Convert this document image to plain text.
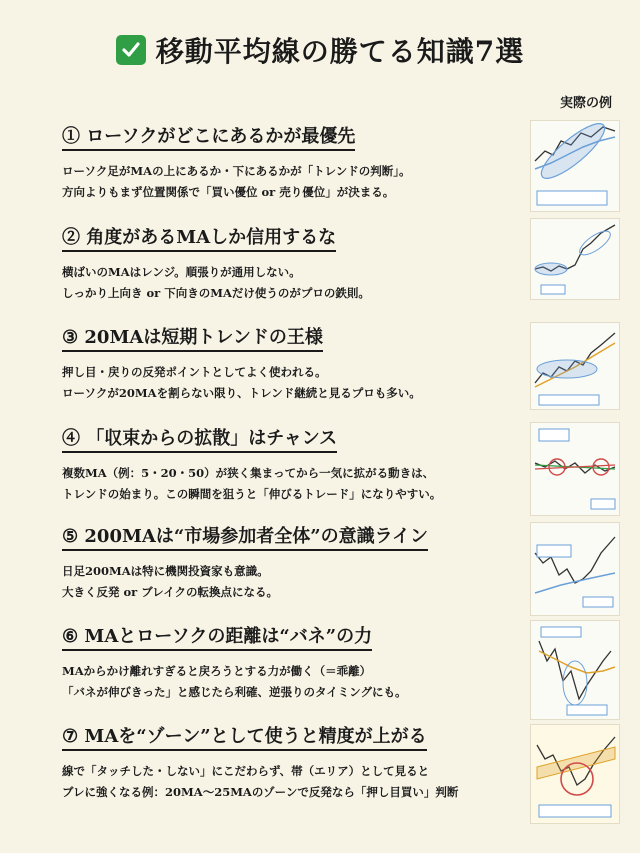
移動平均線の勝てる知識7選
実際の例
① ローソクがどこにあるかが最優先
ローソク足がMAの上にあるか・下にあるかが「トレンドの判断」。
方向よりもまず位置関係で「買い優位 or 売り優位」が決まる。
② 角度があるMAしか信用するな
横ばいのMAはレンジ。順張りが通用しない。
しっかり上向き or 下向きのMAだけ使うのがプロの鉄則。
③ 20MAは短期トレンドの王様
押し目・戻りの反発ポイントとしてよく使われる。
ローソクが20MAを割らない限り、トレンド継続と見るプロも多い。
④ 「収束からの拡散」はチャンス
複数MA（例：5・20・50）が狭く集まってから一気に拡がる動きは、
トレンドの始まり。この瞬間を狙うと「伸びるトレード」になりやすい。
⑤ 200MAは“市場参加者全体”の意識ライン
日足200MAは特に機関投資家も意識。
大きく反発 or ブレイクの転換点になる。
⑥ MAとローソクの距離は“バネ”の力
MAからかけ離れすぎると戻ろうとする力が働く（＝乖離）
「バネが伸びきった」と感じたら利確、逆張りのタイミングにも。
⑦ MAを“ゾーン”として使うと精度が上がる
線で「タッチした・しない」にこだわらず、帯（エリア）として見ると
ブレに強くなる例：20MA〜25MAのゾーンで反発なら「押し目買い」判断
